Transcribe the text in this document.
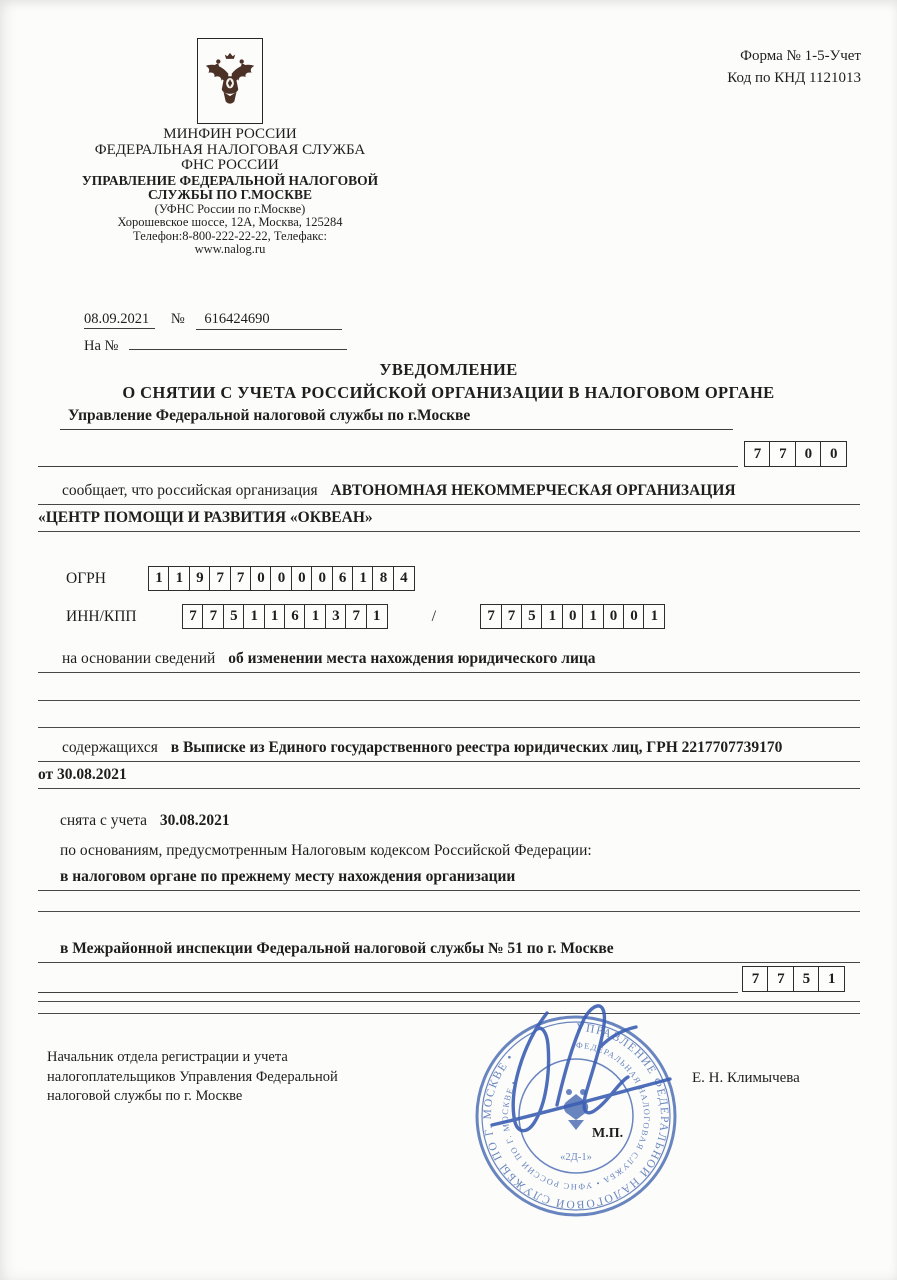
Форма № 1-5-Учет
Код по КНД 1121013
МИНФИН РОССИИ
ФЕДЕРАЛЬНАЯ НАЛОГОВАЯ СЛУЖБА
ФНС РОССИИ
УПРАВЛЕНИЕ ФЕДЕРАЛЬНОЙ НАЛОГОВОЙ
СЛУЖБЫ ПО Г.МОСКВЕ
(УФНС России по г.Москве)
Хорошевское шоссе, 12А, Москва, 125284
Телефон:8-800-222-22-22, Телефакс:
www.nalog.ru
08.09.2021 № 616424690
На №
УВЕДОМЛЕНИЕ
О СНЯТИИ С УЧЕТА РОССИЙСКОЙ ОРГАНИЗАЦИИ В НАЛОГОВОМ ОРГАНЕ
Управление Федеральной налоговой службы по г.Москве
7	7	0	0
сообщает, что российская организация АВТОНОМНАЯ НЕКОММЕРЧЕСКАЯ ОРГАНИЗАЦИЯ
«ЦЕНТР ПОМОЩИ И РАЗВИТИЯ «ОКВЕАН»
ОГРН	1 1 9 7 7 0 0 0 0 6 1 8 4
ИНН/КПП	7 7 5 1 1 6 1 3 7 1	/	7 7 5 1 0 1 0 0 1
на основании сведений об изменении места нахождения юридического лица
содержащихся в Выписке из Единого государственного реестра юридических лиц, ГРН 2217707739170
от 30.08.2021
снята с учета 30.08.2021
по основаниям, предусмотренным Налоговым кодексом Российской Федерации:
в налоговом органе по прежнему месту нахождения организации
в Межрайонной инспекции Федеральной налоговой службы № 51 по г. Москве
7	7	5	1
Начальник отдела регистрации и учета
налогоплательщиков Управления Федеральной
налоговой службы по г. Москве
Е. Н. Климычева
М.П.
УПРАВЛЕНИЕ ФЕДЕРАЛЬНОЙ НАЛОГОВОЙ СЛУЖБЫ ПО Г. МОСКВЕ •
ФЕДЕРАЛЬНАЯ НАЛОГОВАЯ СЛУЖБА • УФНС РОССИИ ПО Г. МОСКВЕ •
«2Д-1»
